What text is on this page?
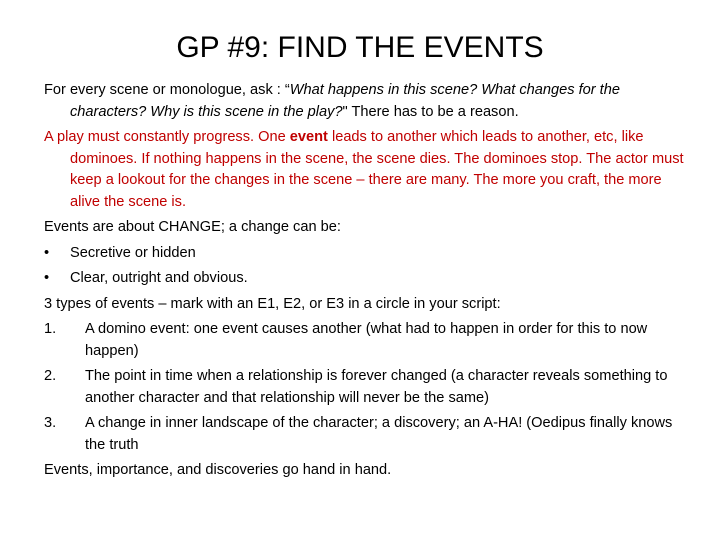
GP #9: FIND THE EVENTS

For every scene or monologue, ask : “What happens in this scene? What changes for the characters? Why is this scene in the play?" There has to be a reason.

A play must constantly progress. One event leads to another which leads to another, etc, like dominoes. If nothing happens in the scene, the scene dies. The dominoes stop. The actor must keep a lookout for the changes in the scene – there are many. The more you craft, the more alive the scene is.

Events are about CHANGE; a change can be:

•	Secretive or hidden
•	Clear, outright and obvious.

3 types of events – mark with an E1, E2, or E3 in a circle in your script:

1.	A domino event: one event causes another (what had to happen in order for this to now happen)
2.	The point in time when a relationship is forever changed (a character reveals something to another character and that relationship will never be the same)
3.	A change in inner landscape of the character; a discovery; an A-HA! (Oedipus finally knows the truth

Events, importance, and discoveries go hand in hand.
